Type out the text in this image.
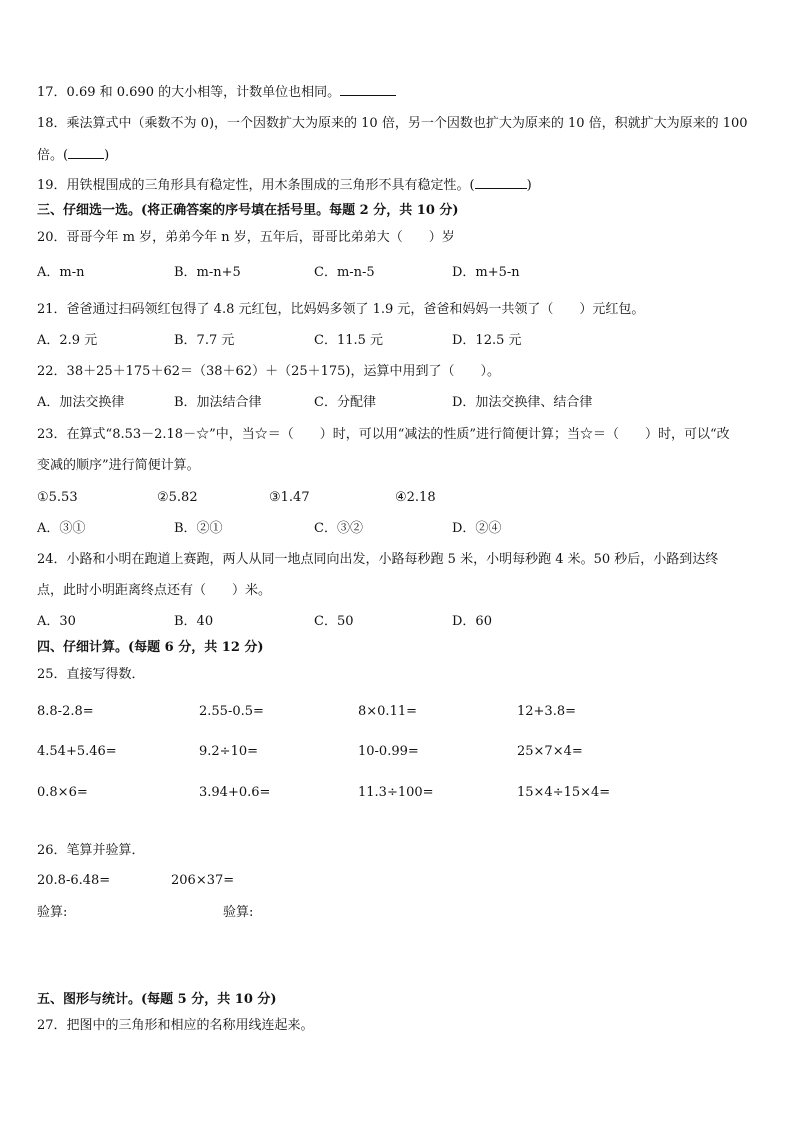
17．0.69 和 0.690 的大小相等，计数单位也相同。
18．乘法算式中（乘数不为 0)，一个因数扩大为原来的 10 倍，另一个因数也扩大为原来的 10 倍，积就扩大为原来的 100
倍。(	)
19．用铁棍围成的三角形具有稳定性，用木条围成的三角形不具有稳定性。(	)
三、仔细选一选。(将正确答案的序号填在括号里。每题 2 分，共 10 分)
20．哥哥今年 m 岁，弟弟今年 n 岁，五年后，哥哥比弟弟大（　　）岁
A．m-n	B．m-n+5	C．m-n-5	D．m+5-n
21．爸爸通过扫码领红包得了 4.8 元红包，比妈妈多领了 1.9 元，爸爸和妈妈一共领了（　　）元红包。
A．2.9 元	B．7.7 元	C．11.5 元	D．12.5 元
22．38＋25＋175＋62＝（38＋62）＋（25＋175)，运算中用到了（　　）。
A．加法交换律	B．加法结合律	C．分配律	D．加法交换律、结合律
23．在算式“8.53－2.18－☆”中，当☆＝（　　）时，可以用“减法的性质”进行简便计算；当☆＝（　　）时，可以“改
变减的顺序”进行简便计算。
①5.53	②5.82	③1.47	④2.18
A．③①	B．②①	C．③②	D．②④
24．小路和小明在跑道上赛跑，两人从同一地点同向出发，小路每秒跑 5 米，小明每秒跑 4 米。50 秒后，小路到达终
点，此时小明距离终点还有（　　）米。
A．30	B．40	C．50	D．60
四、仔细计算。(每题 6 分，共 12 分)
25．直接写得数．
8.8-2.8=	2.55-0.5=	8×0.11=	12+3.8=
4.54+5.46=	9.2÷10=	10-0.99=	25×7×4=
0.8×6=	3.94+0.6=	11.3÷100=	15×4÷15×4=
26．笔算并验算．
20.8-6.48=	206×37=
验算:	验算:
五、图形与统计。(每题 5 分，共 10 分)
27．把图中的三角形和相应的名称用线连起来。
